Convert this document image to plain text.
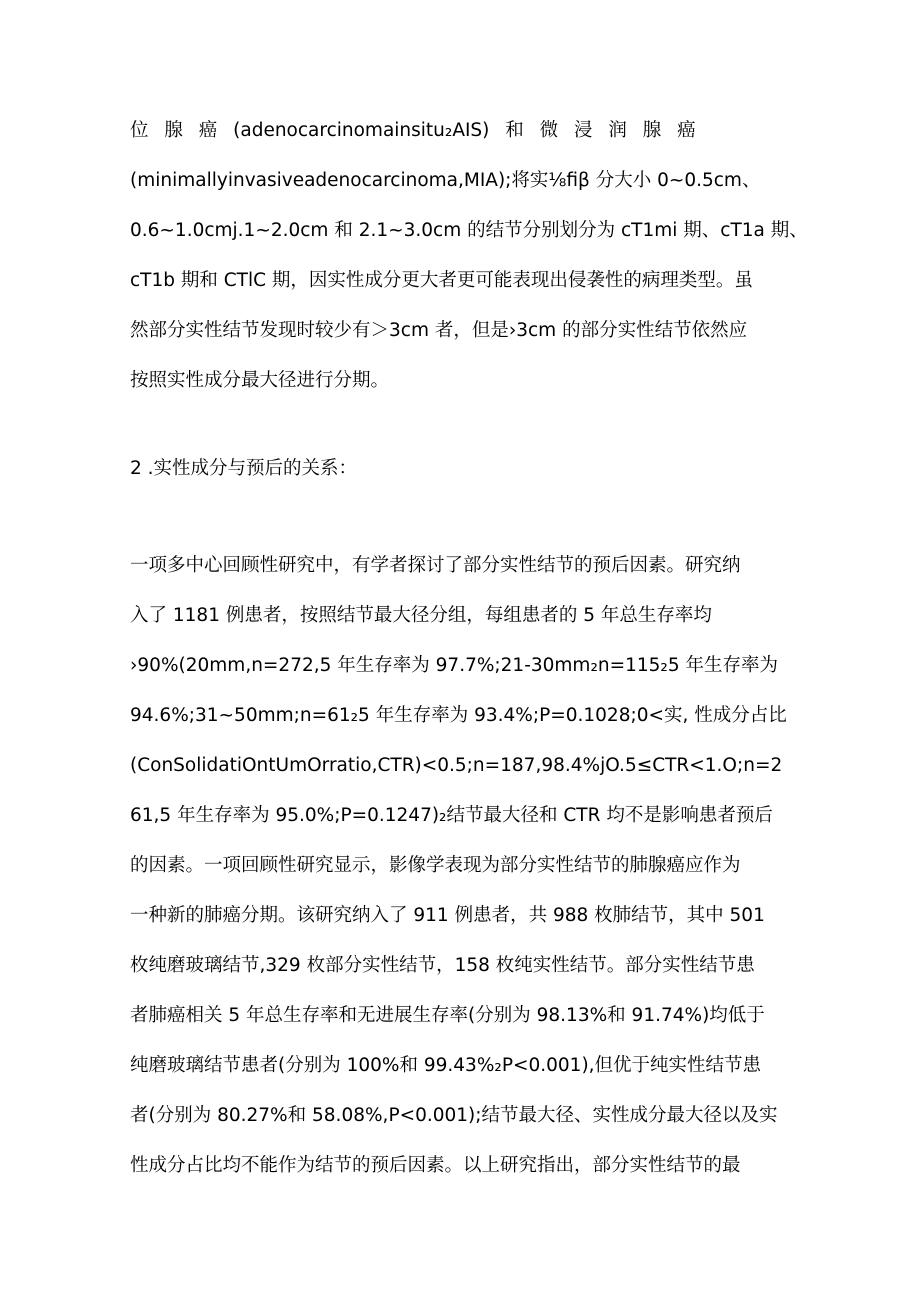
位 腺 癌 (adenocarcinomainsitu₂AIS) 和 微 浸 润 腺 癌
(minimallyinvasiveadenocarcinoma,MIA);将实⅛fiβ 分大小 0~0.5cm、
0.6~1.0cmj.1~2.0cm 和 2.1~3.0cm 的结节分别划分为 cT1mi 期、cT1a 期、
cT1b 期和 CTlC 期，因实性成分更大者更可能表现出侵袭性的病理类型。虽
然部分实性结节发现时较少有＞3cm 者，但是›3cm 的部分实性结节依然应
按照实性成分最大径进行分期。
2 .实性成分与预后的关系：
一项多中心回顾性研究中，有学者探讨了部分实性结节的预后因素。研究纳
入了 1181 例患者，按照结节最大径分组，每组患者的 5 年总生存率均
›90%(20mm,n=272,5 年生存率为 97.7%;21-30mm₂n=115₂5 年生存率为
94.6%;31~50mm;n=61₂5 年生存率为 93.4%;P=0.1028;0<实, 性成分占比
(ConSolidatiOntUmOrratio,CTR)<0.5;n=187,98.4%jO.5≤CTR<1.O;n=2
61,5 年生存率为 95.0%;P=0.1247)₂结节最大径和 CTR 均不是影响患者预后
的因素。一项回顾性研究显示，影像学表现为部分实性结节的肺腺癌应作为
一种新的肺癌分期。该研究纳入了 911 例患者，共 988 枚肺结节，其中 501
枚纯磨玻璃结节,329 枚部分实性结节，158 枚纯实性结节。部分实性结节患
者肺癌相关 5 年总生存率和无进展生存率(分别为 98.13%和 91.74%)均低于
纯磨玻璃结节患者(分别为 100%和 99.43%₂P<0.001),但优于纯实性结节患
者(分别为 80.27%和 58.08%,P<0.001);结节最大径、实性成分最大径以及实
性成分占比均不能作为结节的预后因素。以上研究指出，部分实性结节的最
